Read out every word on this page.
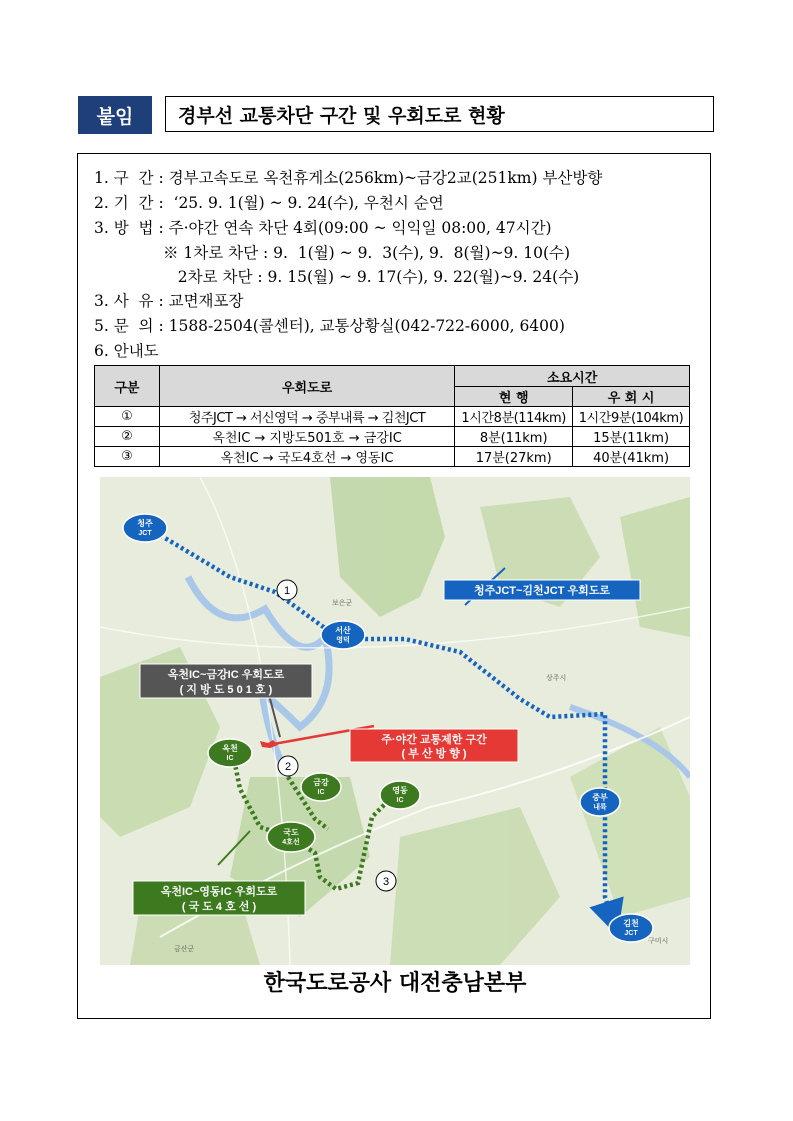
붙임	경부선 교통차단 구간 및 우회도로 현황
1. 구  간 : 경부고속도로 옥천휴게소(256km)~금강2교(251km) 부산방향
2. 기  간 :  ‘25. 9. 1(월) ~ 9. 24(수), 우천시 순연
3. 방  법 : 주·야간 연속 차단 4회(09:00 ~ 익익일 08:00, 47시간)
※ 1차로 차단 : 9.  1(월) ~ 9.  3(수), 9.  8(월)~9. 10(수)
2차로 차단 : 9. 15(월) ~ 9. 17(수), 9. 22(월)~9. 24(수)
3. 사  유 : 교면재포장
5. 문  의 : 1588-2504(콜센터), 교통상황실(042-722-6000, 6400)
6. 안내도
구분	우회도로	소요시간	
		현 행	우 회 시
①	청주JCT → 서신영덕 → 중부내륙 → 김천JCT	1시간8분(114km)	1시간9분(104km)
②	옥천IC → 지방도501호 → 금강IC	8분(11km)	15분(11km)
③	옥천IC → 국도4호선 → 영동IC	17분(27km)	40분(41km)
보은군
상주시
구미시
금산군
청주
JCT
서산
영덕
중부
내륙
김천
JCT
옥천
IC
금강
IC	영동
IC
국도
4호선
1
2
3
청주JCT~김천JCT 우회도로
옥천IC~금강IC 우회도로
( 지 방 도 5 0 1 호 )
주·야간 교통제한 구간
( 부 산 방 향 )
옥천IC~영동IC 우회도로
( 국 도 4 호 선 )
한국도로공사 대전충남본부
